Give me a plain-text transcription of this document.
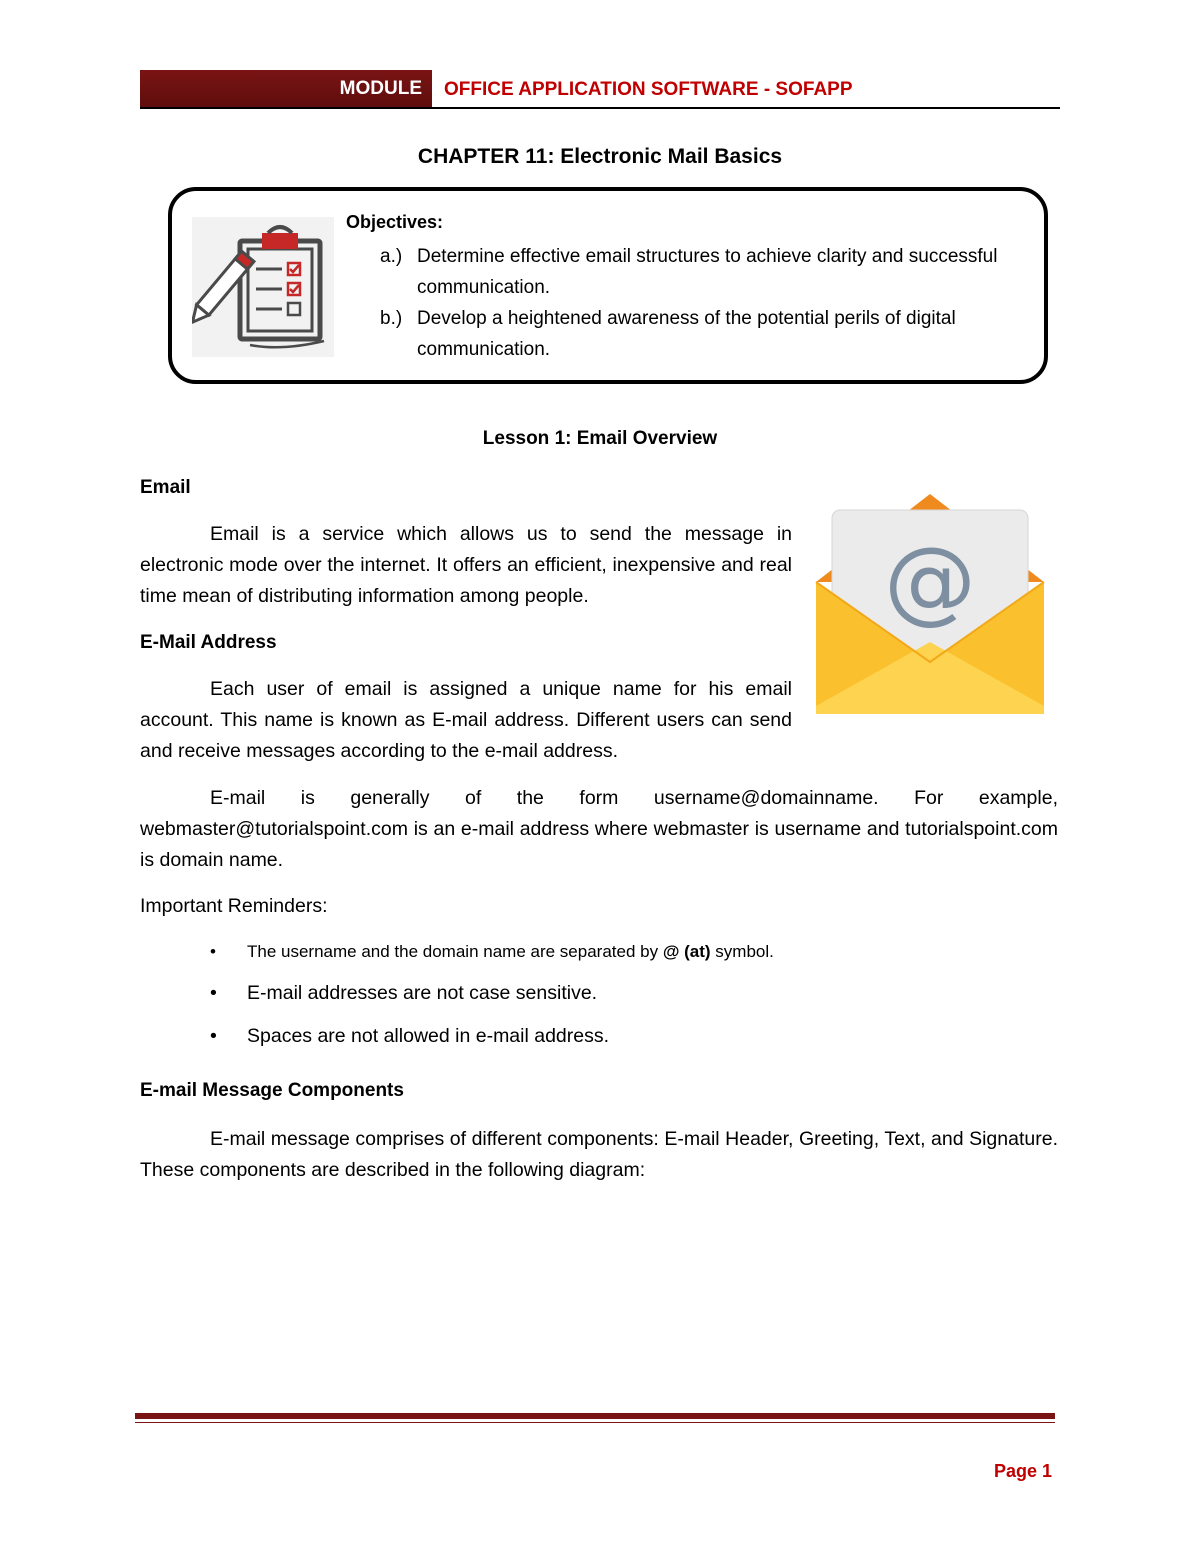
MODULE	OFFICE APPLICATION SOFTWARE - SOFAPP
CHAPTER 11: Electronic Mail Basics
Objectives:
a.) Determine effective email structures to achieve clarity and successful communication.
b.) Develop a heightened awareness of the potential perils of digital communication.
Lesson 1: Email Overview
Email
Email is a service which allows us to send the message in electronic mode over the internet. It offers an efficient, inexpensive and real time mean of distributing information among people.	@
E-Mail Address
Each user of email is assigned a unique name for his email account. This name is known as E-mail address. Different users can send and receive messages according to the e-mail address.
E-mail is generally of the form username@domainname. For example, webmaster@tutorialspoint.com is an e-mail address where webmaster is username and tutorialspoint.com is domain name.
Important Reminders:
• The username and the domain name are separated by @ (at) symbol.
• E-mail addresses are not case sensitive.
• Spaces are not allowed in e-mail address.
E-mail Message Components
E-mail message comprises of different components: E-mail Header, Greeting, Text, and Signature. These components are described in the following diagram:
Page 1
